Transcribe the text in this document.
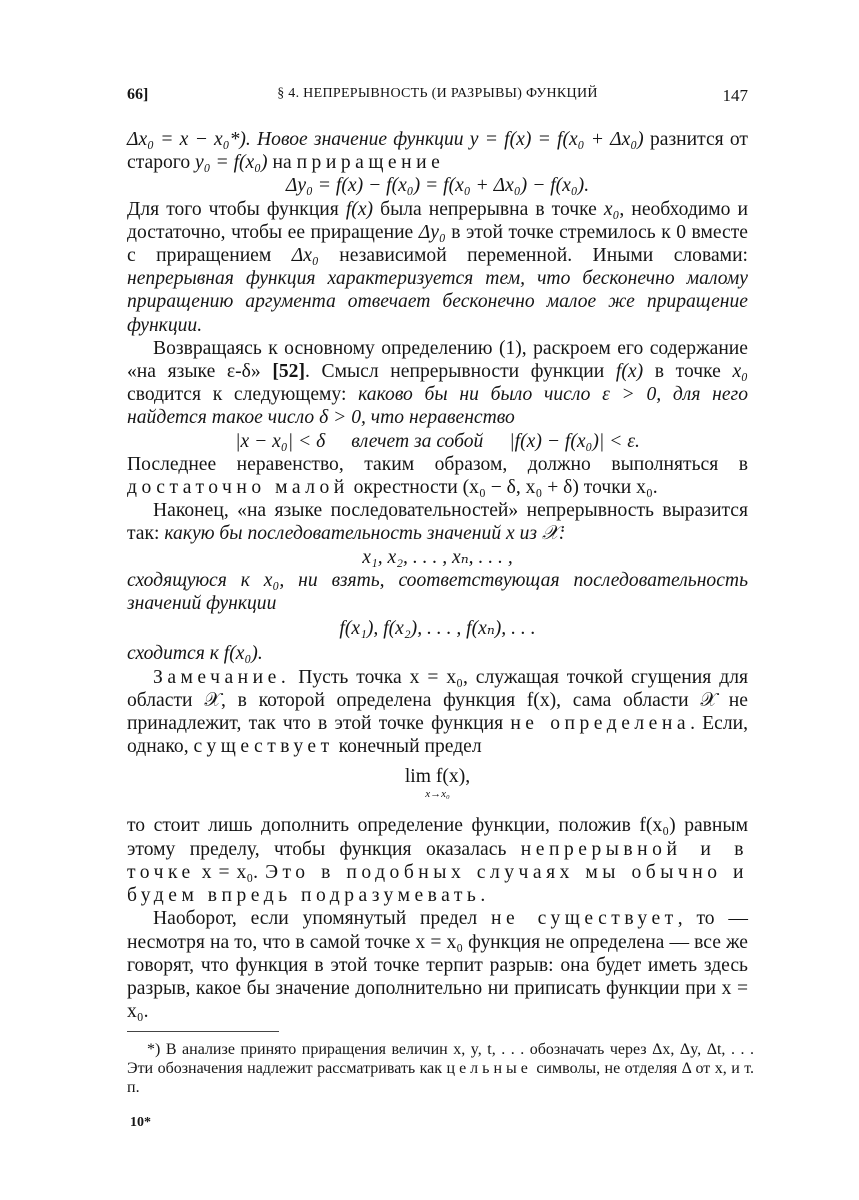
66]	§ 4. НЕПРЕРЫВНОСТЬ (И РАЗРЫВЫ) ФУНКЦИЙ	147

Δx₀ = x − x₀*). Новое значение функции y = f(x) = f(x₀ + Δx₀) разнится от старого y₀ = f(x₀) на приращение

Δy₀ = f(x) − f(x₀) = f(x₀ + Δx₀) − f(x₀).

Для того чтобы функция f(x) была непрерывна в точке x₀, необходимо и достаточно, чтобы ее приращение Δy₀ в этой точке стремилось к 0 вместе с приращением Δx₀ независимой переменной. Иными словами: непрерывная функция характеризуется тем, что бесконечно малому приращению аргумента отвечает бесконечно малое же приращение функции.

Возвращаясь к основному определению (1), раскроем его содержание «на языке ε-δ» [52]. Смысл непрерывности функции f(x) в точке x₀ сводится к следующему: каково бы ни было число ε > 0, для него найдется такое число δ > 0, что неравенство

|x − x₀| < δ влечет за собой |f(x) − f(x₀)| < ε.

Последнее неравенство, таким образом, должно выполняться в достаточно малой окрестности (x₀ − δ, x₀ + δ) точки x₀.

Наконец, «на языке последовательностей» непрерывность выразится так: какую бы последовательность значений x из 𝒳:

x₁, x₂, . . . , xₙ, . . . ,

сходящуюся к x₀, ни взять, соответствующая последовательность значений функции

f(x₁), f(x₂), . . . , f(xₙ), . . .

сходится к f(x₀).

Замечание. Пусть точка x = x₀, служащая точкой сгущения для области 𝒳, в которой определена функция f(x), сама области 𝒳 не принадлежит, так что в этой точке функция не определена. Если, однако, существует конечный предел

lim f(x),
x→x₀

то стоит лишь дополнить определение функции, положив f(x₀) равным этому пределу, чтобы функция оказалась непрерывной и в точке x = x₀. Это в подобных случаях мы обычно и будем впредь подразумевать.

Наоборот, если упомянутый предел не существует, то — несмотря на то, что в самой точке x = x₀ функция не определена — все же говорят, что функция в этой точке терпит разрыв: она будет иметь здесь разрыв, какое бы значение дополнительно ни приписать функции при x = x₀.

*) В анализе принято приращения величин x, y, t, . . . обозначать через Δx, Δy, Δt, . . . Эти обозначения надлежит рассматривать как цельные символы, не отделяя Δ от x, и т. п.

10*
